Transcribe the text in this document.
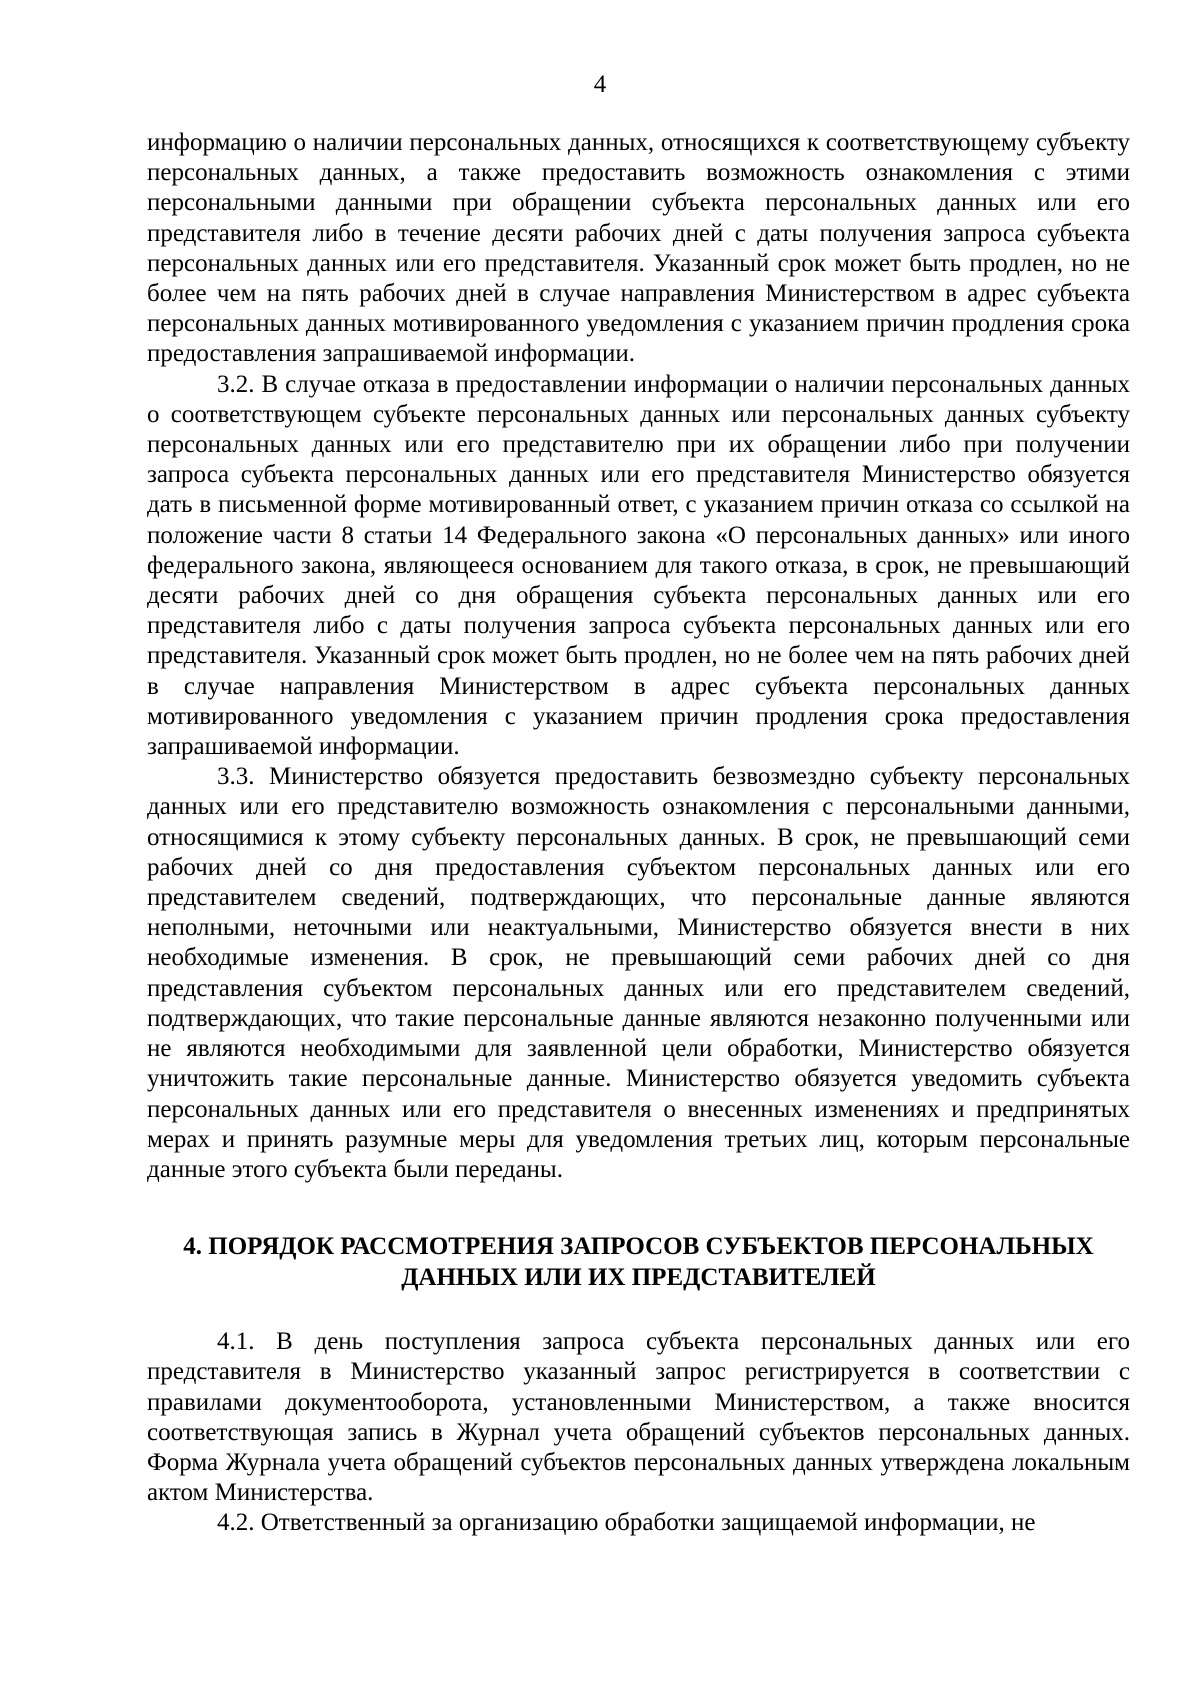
4

информацию о наличии персональных данных, относящихся к соответствующему субъекту персональных данных, а также предоставить возможность ознакомления с этими персональными данными при обращении субъекта персональных данных или его представителя либо в течение десяти рабочих дней с даты получения запроса субъекта персональных данных или его представителя. Указанный срок может быть продлен, но не более чем на пять рабочих дней в случае направления Министерством в адрес субъекта персональных данных мотивированного уведомления с указанием причин продления срока предоставления запрашиваемой информации.

3.2. В случае отказа в предоставлении информации о наличии персональных данных о соответствующем субъекте персональных данных или персональных данных субъекту персональных данных или его представителю при их обращении либо при получении запроса субъекта персональных данных или его представителя Министерство обязуется дать в письменной форме мотивированный ответ, с указанием причин отказа со ссылкой на положение части 8 статьи 14 Федерального закона «О персональных данных» или иного федерального закона, являющееся основанием для такого отказа, в срок, не превышающий десяти рабочих дней со дня обращения субъекта персональных данных или его представителя либо с даты получения запроса субъекта персональных данных или его представителя. Указанный срок может быть продлен, но не более чем на пять рабочих дней в случае направления Министерством в адрес субъекта персональных данных мотивированного уведомления с указанием причин продления срока предоставления запрашиваемой информации.

3.3. Министерство обязуется предоставить безвозмездно субъекту персональных данных или его представителю возможность ознакомления с персональными данными, относящимися к этому субъекту персональных данных. В срок, не превышающий семи рабочих дней со дня предоставления субъектом персональных данных или его представителем сведений, подтверждающих, что персональные данные являются неполными, неточными или неактуальными, Министерство обязуется внести в них необходимые изменения. В срок, не превышающий семи рабочих дней со дня представления субъектом персональных данных или его представителем сведений, подтверждающих, что такие персональные данные являются незаконно полученными или не являются необходимыми для заявленной цели обработки, Министерство обязуется уничтожить такие персональные данные. Министерство обязуется уведомить субъекта персональных данных или его представителя о внесенных изменениях и предпринятых мерах и принять разумные меры для уведомления третьих лиц, которым персональные данные этого субъекта были переданы.

4. ПОРЯДОК РАССМОТРЕНИЯ ЗАПРОСОВ СУБЪЕКТОВ ПЕРСОНАЛЬНЫХ
ДАННЫХ ИЛИ ИХ ПРЕДСТАВИТЕЛЕЙ

4.1. В день поступления запроса субъекта персональных данных или его представителя в Министерство указанный запрос регистрируется в соответствии с правилами документооборота, установленными Министерством, а также вносится соответствующая запись в Журнал учета обращений субъектов персональных данных. Форма Журнала учета обращений субъектов персональных данных утверждена локальным актом Министерства.

4.2. Ответственный за организацию обработки защищаемой информации, не
